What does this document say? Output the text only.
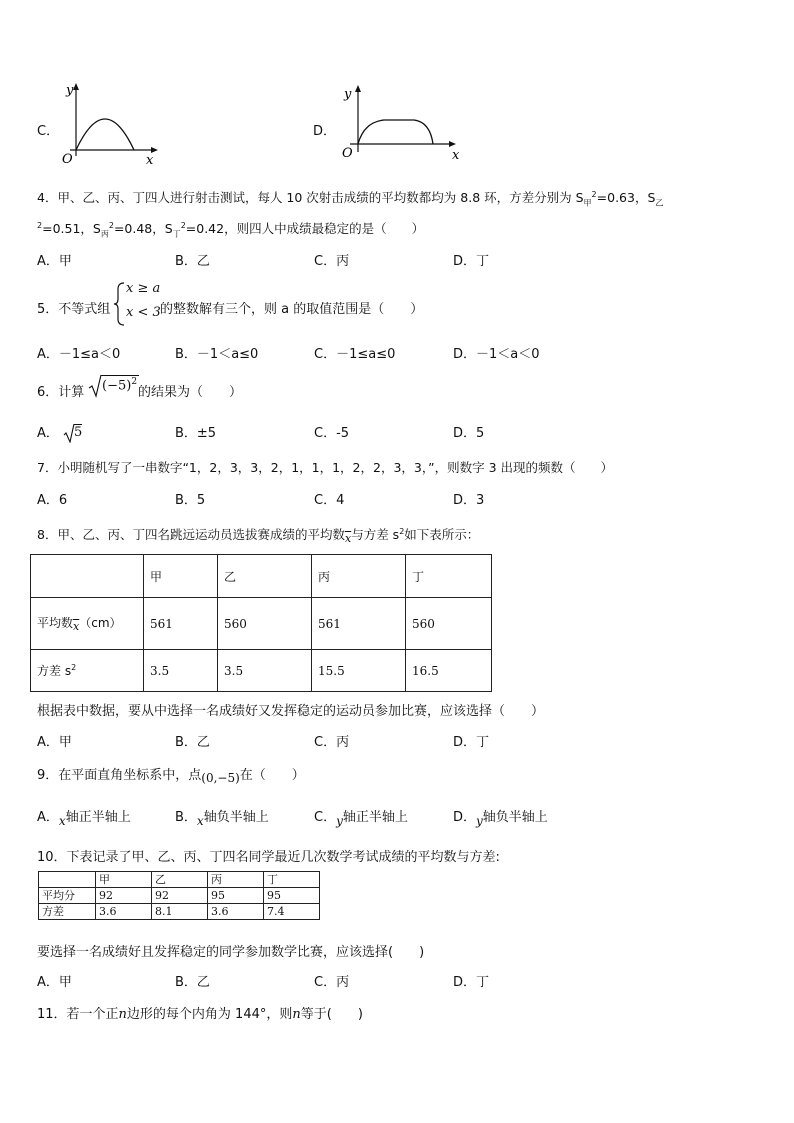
C．
y
x
O
D．
y
x
O
4．甲、乙、丙、丁四人进行射击测试，每人 10 次射击成绩的平均数都均为 8.8 环，方差分别为 $S_甲^2=0.63$，$S_乙$
$^2$=0.51，$S_丙^2=0.48$，$S_丁^2=0.42$，则四人中成绩最稳定的是（　　）
A．甲	B．乙	C．丙	D．丁
5．不等式组
x ≥ a
x < 3 的整数解有三个，则 a 的取值范围是（　　）
A．－1≤a＜0	B．－1＜a≤0	C．－1≤a≤0	D．－1＜a＜0
6．计算 $(-5)^2$
的结果为（　　）
A． 5	B．±5	C．-5	D．5
7．小明随机写了一串数字“1，2，3，3，2，1，1，1，2，2，3，3，”，则数字 3 出现的频数（　　）
A．6	B．5	C．4	D．3
8．甲、乙、丙、丁四名跳远运动员选拔赛成绩的平均数$\overline{x}$与方差 $s^2$如下表所示：
	甲	乙	丙	丁
平均数$\overline{x}(cm)$	561	560	561	560
方差 $s^2$	3.5	3.5	15.5	16.5
根据表中数据，要从中选择一名成绩好又发挥稳定的运动员参加比赛，应该选择（　　）
A．甲	B．乙	C．丙	D．丁
9．在平面直角坐标系中，点(0,−5)在（　　）
A．x轴正半轴上	B．x轴负半轴上	C．y轴正半轴上	D．y轴负半轴上
10．下表记录了甲、乙、丙、丁四名同学最近几次数学考试成绩的平均数与方差:
	甲	乙	丙	丁
平均分	92	92	95	95
方差	3.6	8.1	3.6	7.4
要选择一名成绩好且发挥稳定的同学参加数学比赛，应该选择(　　)
A．甲	B．乙	C．丙	D．丁
11．若一个正n边形的每个内角为 144°，则n等于(　　)
